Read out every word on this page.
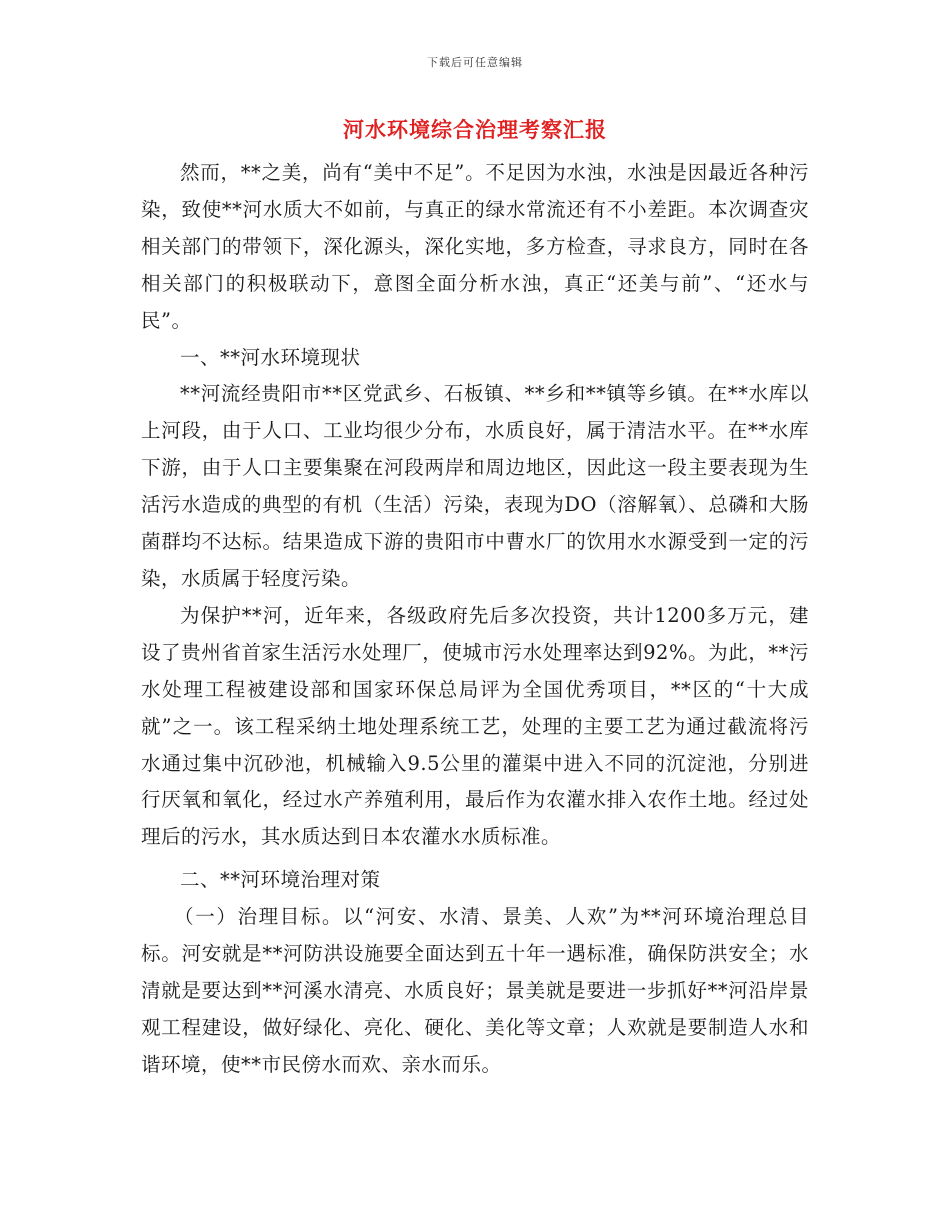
下载后可任意编辑
河水环境综合治理考察汇报

然而，**之美，尚有“美中不足”。不足因为水浊，水浊是因最近各种污染，致使**河水质大不如前，与真正的绿水常流还有不小差距。本次调查灾相关部门的带领下，深化源头，深化实地，多方检查，寻求良方，同时在各相关部门的积极联动下，意图全面分析水浊，真正“还美与前”、“还水与民”。

一、**河水环境现状

**河流经贵阳市**区党武乡、石板镇、**乡和**镇等乡镇。在**水库以上河段，由于人口、工业均很少分布，水质良好，属于清洁水平。在**水库下游，由于人口主要集聚在河段两岸和周边地区，因此这一段主要表现为生活污水造成的典型的有机（生活）污染，表现为DO（溶解氧）、总磷和大肠菌群均不达标。结果造成下游的贵阳市中曹水厂的饮用水水源受到一定的污染，水质属于轻度污染。

为保护**河，近年来，各级政府先后多次投资，共计1200多万元，建设了贵州省首家生活污水处理厂，使城市污水处理率达到92%。为此，**污水处理工程被建设部和国家环保总局评为全国优秀项目，**区的“十大成就”之一。该工程采纳土地处理系统工艺，处理的主要工艺为通过截流将污水通过集中沉砂池，机械输入9.5公里的灌渠中进入不同的沉淀池，分别进行厌氧和氧化，经过水产养殖利用，最后作为农灌水排入农作土地。经过处理后的污水，其水质达到日本农灌水水质标准。

二、**河环境治理对策

（一）治理目标。以“河安、水清、景美、人欢”为**河环境治理总目标。河安就是**河防洪设施要全面达到五十年一遇标准，确保防洪安全；水清就是要达到**河溪水清亮、水质良好；景美就是要进一步抓好**河沿岸景观工程建设，做好绿化、亮化、硬化、美化等文章；人欢就是要制造人水和谐环境，使**市民傍水而欢、亲水而乐。
